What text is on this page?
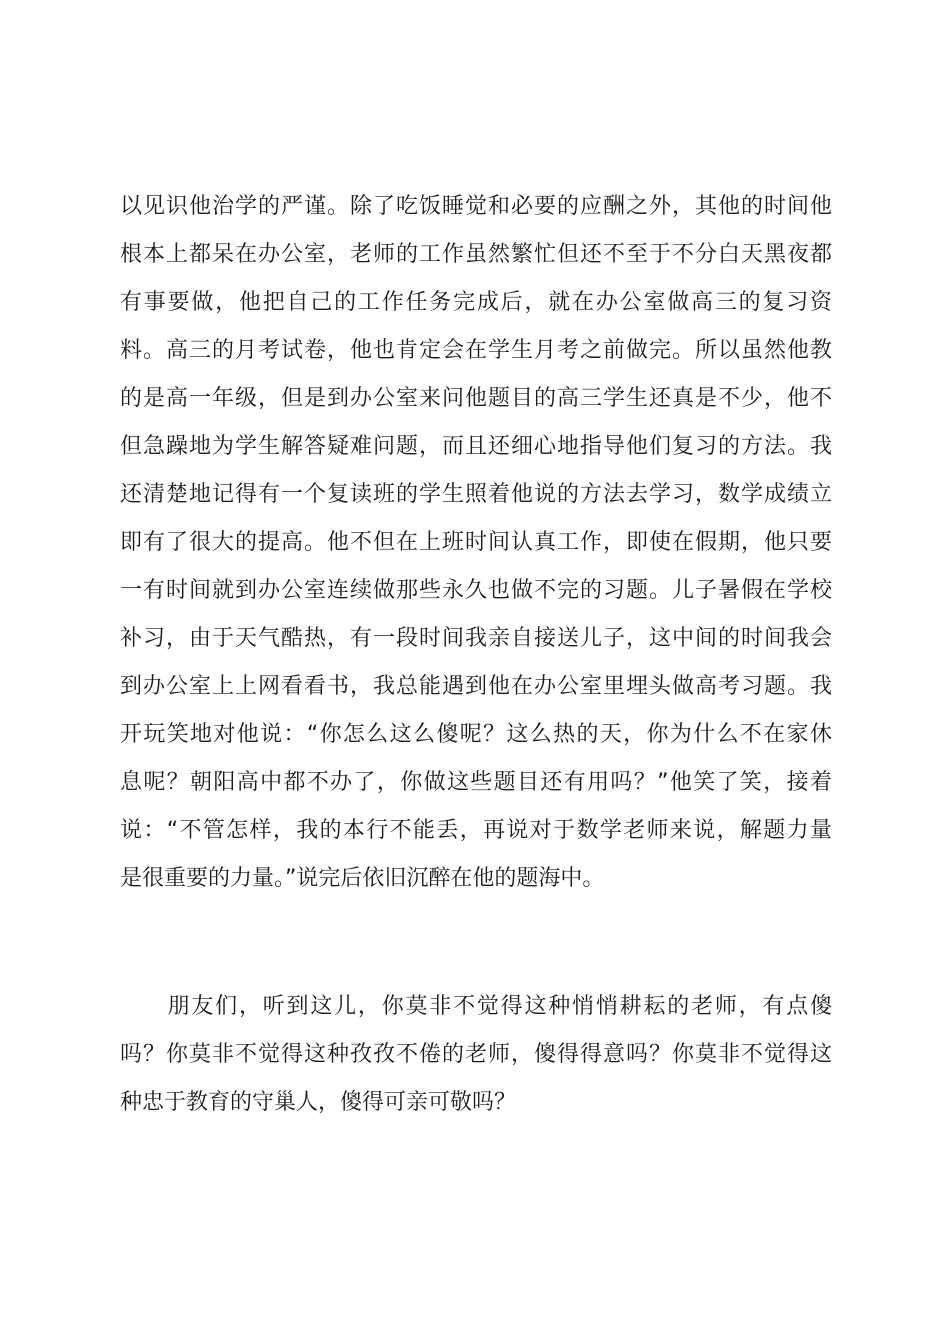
以见识他治学的严谨。除了吃饭睡觉和必要的应酬之外，其他的时间他
根本上都呆在办公室，老师的工作虽然繁忙但还不至于不分白天黑夜都
有事要做，他把自己的工作任务完成后，就在办公室做高三的复习资
料。高三的月考试卷，他也肯定会在学生月考之前做完。所以虽然他教
的是高一年级，但是到办公室来问他题目的高三学生还真是不少，他不
但急躁地为学生解答疑难问题，而且还细心地指导他们复习的方法。我
还清楚地记得有一个复读班的学生照着他说的方法去学习，数学成绩立
即有了很大的提高。他不但在上班时间认真工作，即使在假期，他只要
一有时间就到办公室连续做那些永久也做不完的习题。儿子暑假在学校
补习，由于天气酷热，有一段时间我亲自接送儿子，这中间的时间我会
到办公室上上网看看书，我总能遇到他在办公室里埋头做高考习题。我
开玩笑地对他说：“你怎么这么傻呢？这么热的天，你为什么不在家休
息呢？朝阳高中都不办了，你做这些题目还有用吗？”他笑了笑，接着
说：“不管怎样，我的本行不能丢，再说对于数学老师来说，解题力量
是很重要的力量。”说完后依旧沉醉在他的题海中。
　　朋友们，听到这儿，你莫非不觉得这种悄悄耕耘的老师，有点傻
吗？你莫非不觉得这种孜孜不倦的老师，傻得得意吗？你莫非不觉得这
种忠于教育的守巢人，傻得可亲可敬吗？
